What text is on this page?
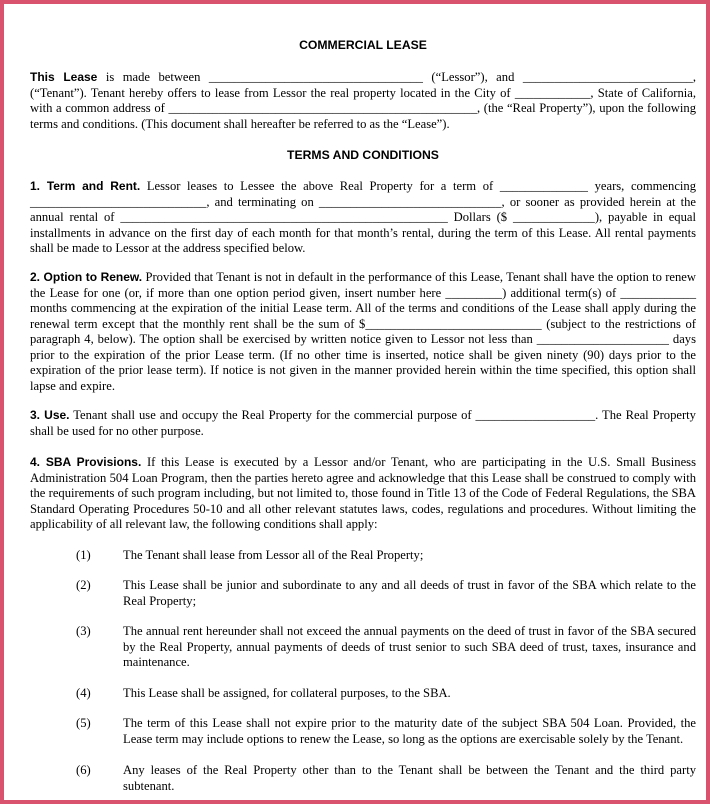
COMMERCIAL LEASE

This Lease is made between __________________________________ (“Lessor”), and ___________________________, (“Tenant”). Tenant hereby offers to lease from Lessor the real property located in the City of ____________, State of California, with a common address of _________________________________________________, (the “Real Property”), upon the following terms and conditions. (This document shall hereafter be referred to as the “Lease”).

TERMS AND CONDITIONS

1. Term and Rent. Lessor leases to Lessee the above Real Property for a term of ______________ years, commencing ____________________________, and terminating on _____________________________, or sooner as provided herein at the annual rental of ____________________________________________________ Dollars ($ _____________), payable in equal installments in advance on the first day of each month for that month’s rental, during the term of this Lease. All rental payments shall be made to Lessor at the address specified below.

2. Option to Renew. Provided that Tenant is not in default in the performance of this Lease, Tenant shall have the option to renew the Lease for one (or, if more than one option period given, insert number here _________) additional term(s) of ____________ months commencing at the expiration of the initial Lease term. All of the terms and conditions of the Lease shall apply during the renewal term except that the monthly rent shall be the sum of $____________________________ (subject to the restrictions of paragraph 4, below). The option shall be exercised by written notice given to Lessor not less than _____________________ days prior to the expiration of the prior Lease term. (If no other time is inserted, notice shall be given ninety (90) days prior to the expiration of the prior lease term). If notice is not given in the manner provided herein within the time specified, this option shall lapse and expire.

3. Use. Tenant shall use and occupy the Real Property for the commercial purpose of ___________________. The Real Property shall be used for no other purpose.

4. SBA Provisions. If this Lease is executed by a Lessor and/or Tenant, who are participating in the U.S. Small Business Administration 504 Loan Program, then the parties hereto agree and acknowledge that this Lease shall be construed to comply with the requirements of such program including, but not limited to, those found in Title 13 of the Code of Federal Regulations, the SBA Standard Operating Procedures 50-10 and all other relevant statutes laws, codes, regulations and procedures. Without limiting the applicability of all relevant law, the following conditions shall apply:

(1)	The Tenant shall lease from Lessor all of the Real Property;
(2)	This Lease shall be junior and subordinate to any and all deeds of trust in favor of the SBA which relate to the Real Property;
(3)	The annual rent hereunder shall not exceed the annual payments on the deed of trust in favor of the SBA secured by the Real Property, annual payments of deeds of trust senior to such SBA deed of trust, taxes, insurance and maintenance.
(4)	This Lease shall be assigned, for collateral purposes, to the SBA.
(5)	The term of this Lease shall not expire prior to the maturity date of the subject SBA 504 Loan. Provided, the Lease term may include options to renew the Lease, so long as the options are exercisable solely by the Tenant.
(6)	Any leases of the Real Property other than to the Tenant shall be between the Tenant and the third party subtenant.
